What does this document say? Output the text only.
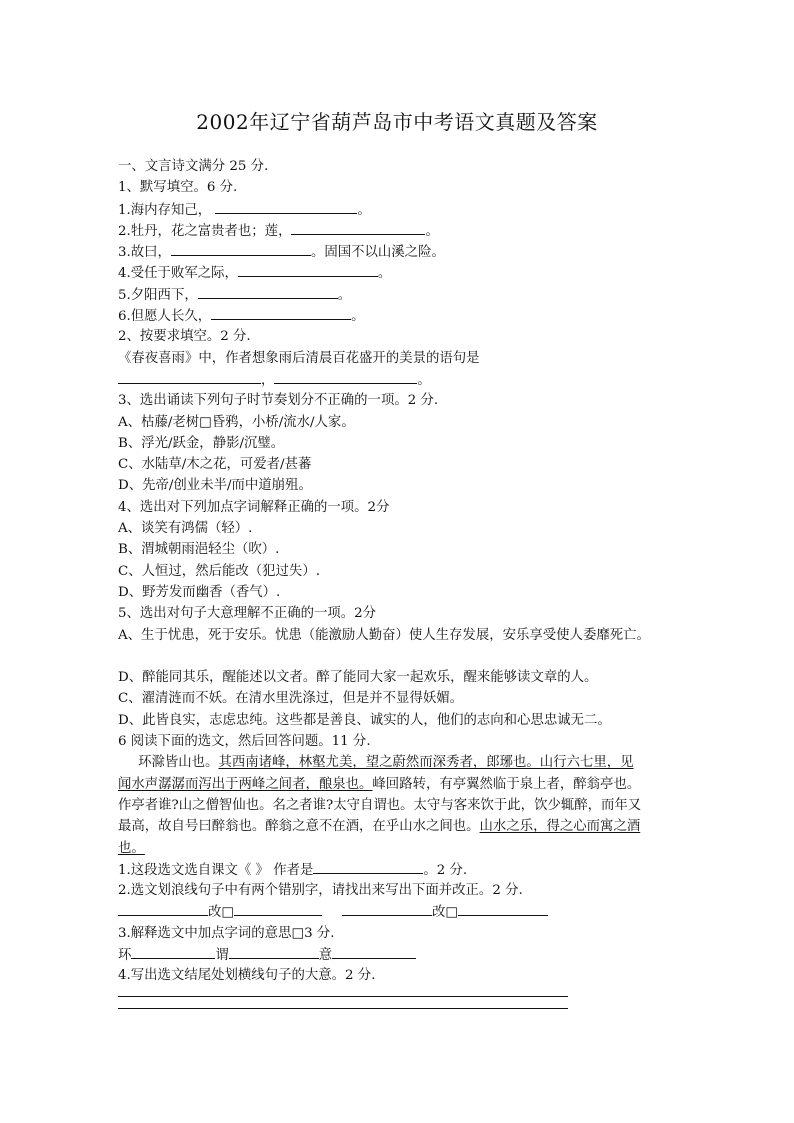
2002年辽宁省葫芦岛市中考语文真题及答案
一、文言诗文满分 25 分.
1、默写填空。6 分.
1.海内存知己，	。
2.牡丹，花之富贵者也；莲，	。
3.故曰，	。固国不以山溪之险。
4.受任于败军之际，	。
5.夕阳西下，	。
6.但愿人长久，	。
2、按要求填空。2 分.
《春夜喜雨》中，作者想象雨后清晨百花盛开的美景的语句是
，	。
3、选出诵读下列句子时节奏划分不正确的一项。2 分.
A、枯藤/老树□昏鸦，小桥/流水/人家。
B、浮光/跃金，静影/沉璧。
C、水陆草/木之花，可爱者/甚蕃
D、先帝/创业未半/而中道崩殂。
4、选出对下列加点字词解释正确的一项。2分
A、谈笑有鸿儒（轻）.
B、渭城朝雨浥轻尘（吹）.
C、人恒过，然后能改（犯过失）.
D、野芳发而幽香（香气）.
5、选出对句子大意理解不正确的一项。2分
A、生于忧患，死于安乐。忧患（能激励人勤奋）使人生存发展，安乐享受使人委靡死亡。
D、醉能同其乐，醒能述以文者。醉了能同大家一起欢乐，醒来能够读文章的人。
C、濯清涟而不妖。在清水里洗涤过，但是并不显得妖媚。
D、此皆良实，志虑忠纯。这些都是善良、诚实的人，他们的志向和心思忠诚无二。
6 阅读下面的选文，然后回答问题。11 分.
  环滁皆山也。其西南诸峰，林壑尤美，望之蔚然而深秀者，郎琊也。山行六七里，见
闻水声潺潺而泻出于两峰之间者，酿泉也。峰回路转，有亭翼然临于泉上者，醉翁亭也。
作亭者谁?山之僧智仙也。名之者谁?太守自谓也。太守与客来饮于此，饮少辄醉，而年又
最高，故自号曰醉翁也。醉翁之意不在酒，在乎山水之间也。山水之乐，得之心而寓之酒
也。
1.这段选文选自课文《 》 作者是	。2 分.
2.选文划浪线句子中有两个错别字，请找出来写出下面并改正。2 分.
改□	改□
3.解释选文中加点字词的意思□3 分.
环	谓	意
4.写出选文结尾处划横线句子的大意。2 分.
